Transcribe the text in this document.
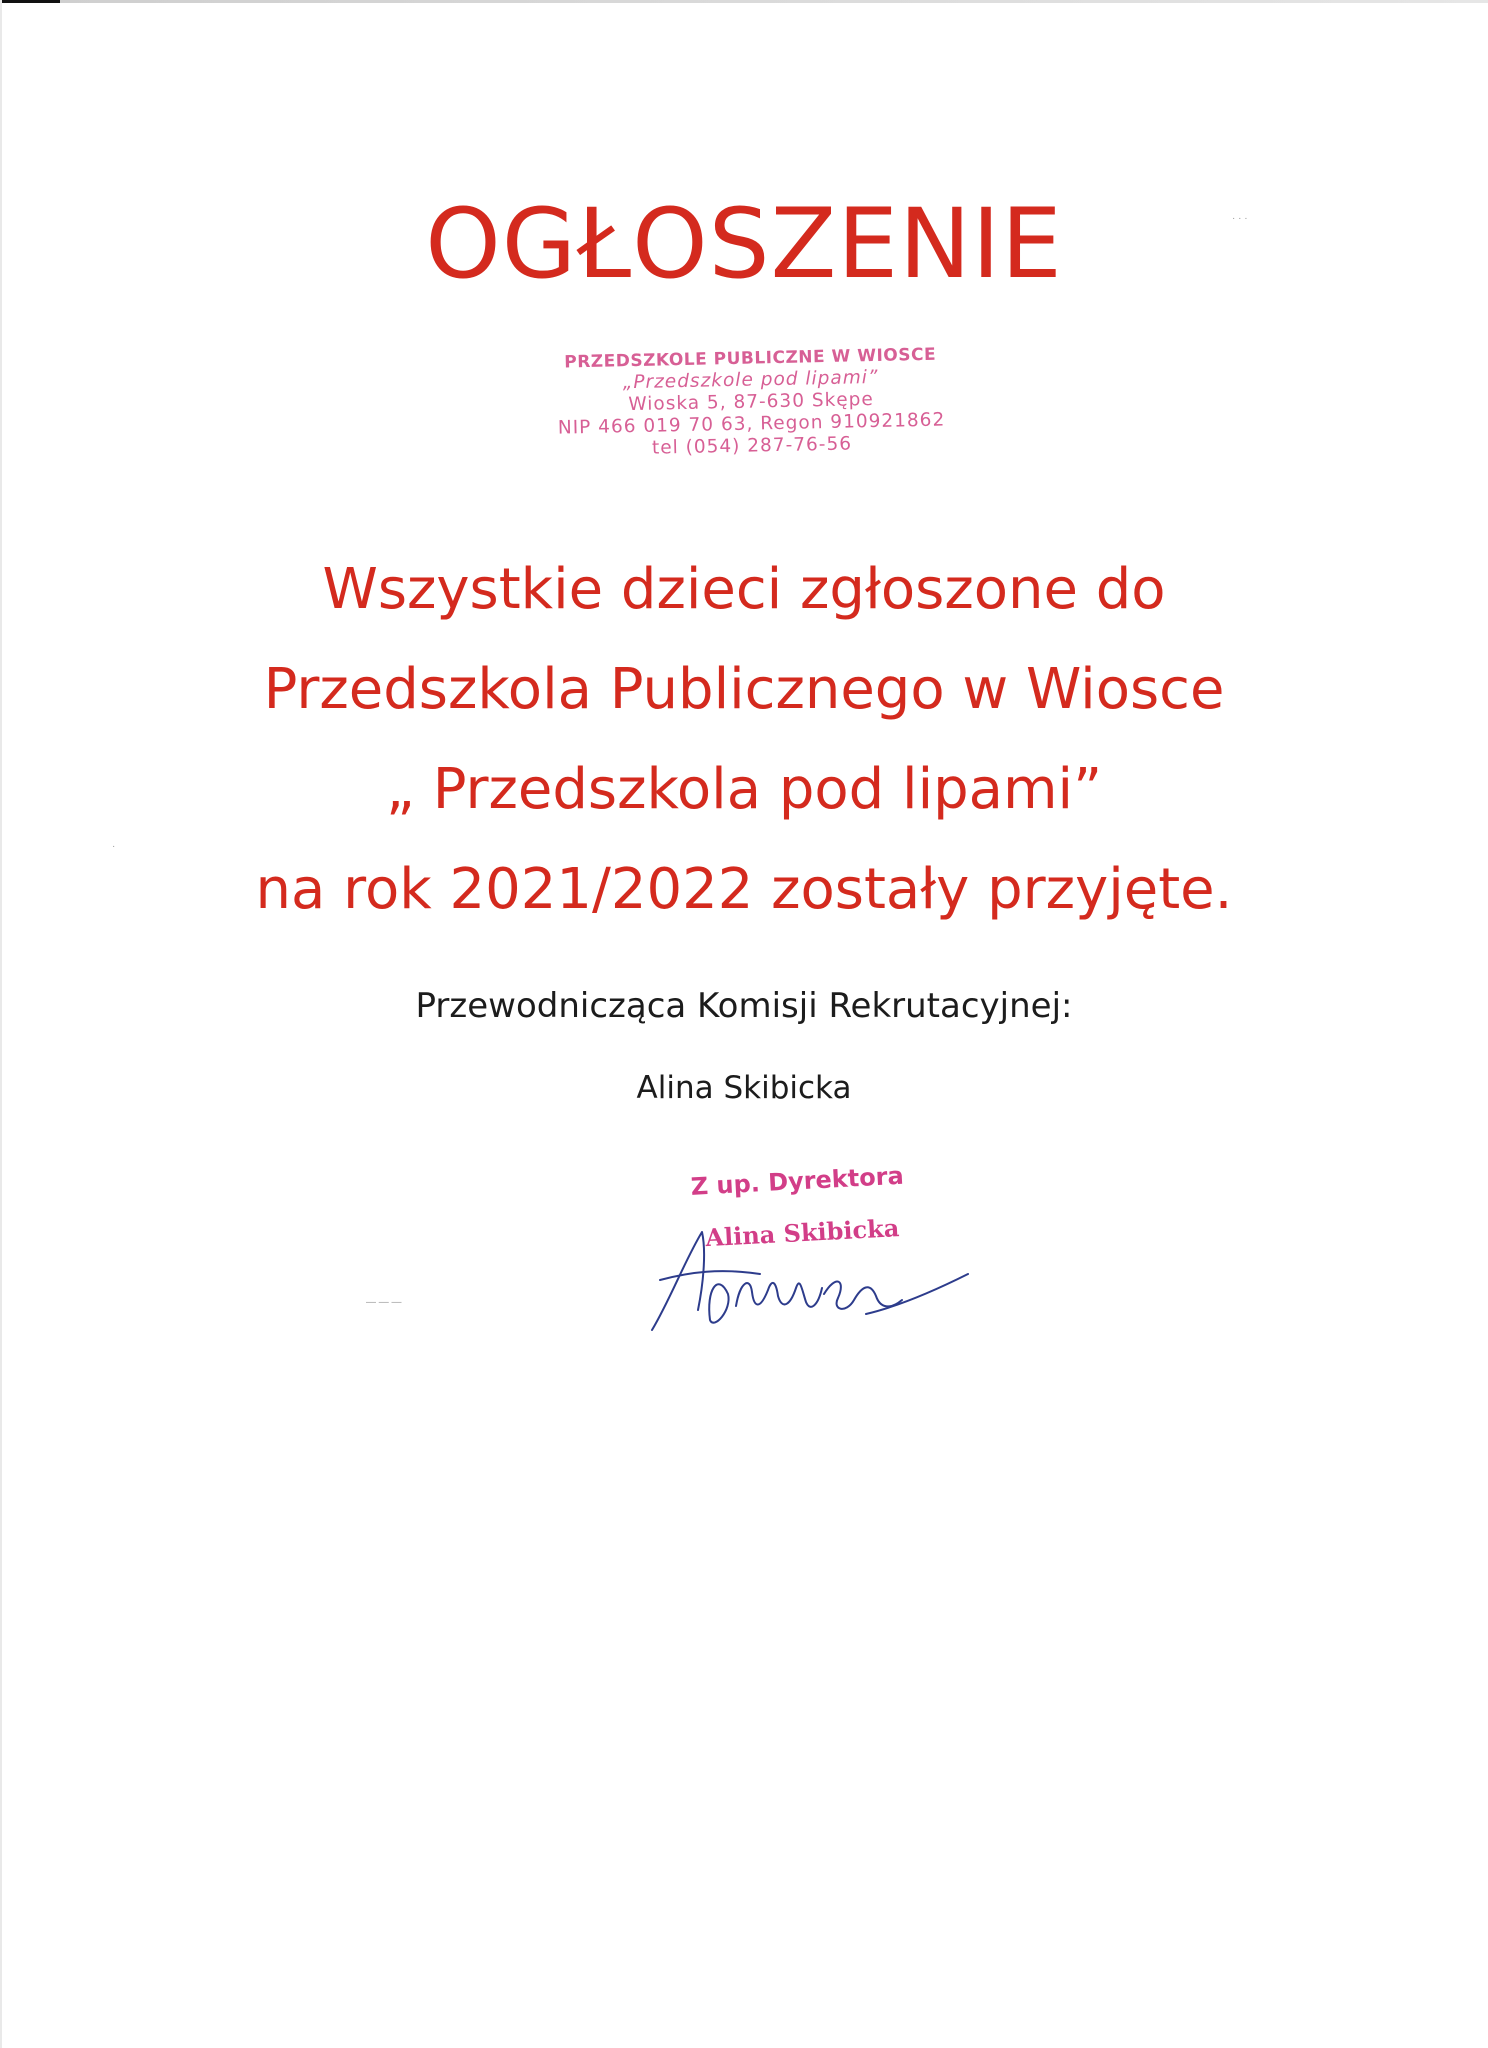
OGŁOSZENIE
PRZEDSZKOLE PUBLICZNE W WIOSCE
„Przedszkole pod lipami”
Wioska 5, 87-630 Skępe
NIP 466 019 70 63, Regon 910921862
tel (054) 287-76-56
Wszystkie dzieci zgłoszone do
Przedszkola Publicznego w Wiosce
„ Przedszkola pod lipami”
na rok 2021/2022 zostały przyjęte.
Przewodnicząca Komisji Rekrutacyjnej:
Alina Skibicka
Z up. Dyrektora
Alina Skibicka
· · ·
— — —
·
